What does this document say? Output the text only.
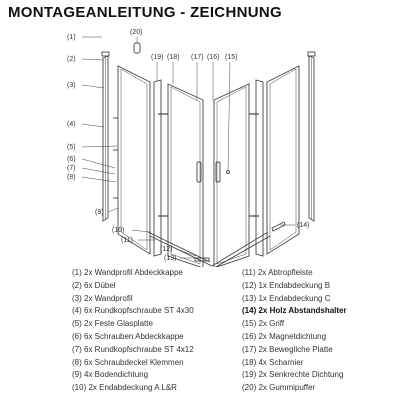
MONTAGEANLEITUNG - ZEICHNUNG
(1)
(2)
(3)
(4)
(5)
(6)
(7)
(8)
(9)
(10)
(11)
(12)
(13)
(14)
(15)
(16)
(17)
(18)
(19)
(20)
(1) 2x Wandprofil Abdeckkappe	(11) 2x Abtropfleiste
(2) 6x Dübel	(12) 1x Endabdeckung B
(3) 2x Wandprofil	(13) 1x Endabdeckung C
(4) 6x Rundkopfschraube ST 4x30	(14) 2x Holz Abstandshalter
(5) 2x Feste Glasplatte	(15) 2x Griff
(6) 6x Schrauben Abdeckkappe	(16) 2x Magnetdichtung
(7) 6x Rundkopfschraube ST 4x12	(17) 2x Bewegliche Platte
(8) 6x Schraubdeckel Klemmen	(18) 4x Scharnier
(9) 4x Bodendichtung	(19) 2x Senkrechte Dichtung
(10) 2x Endabdeckung A L&R	(20) 2x Gummipuffer
